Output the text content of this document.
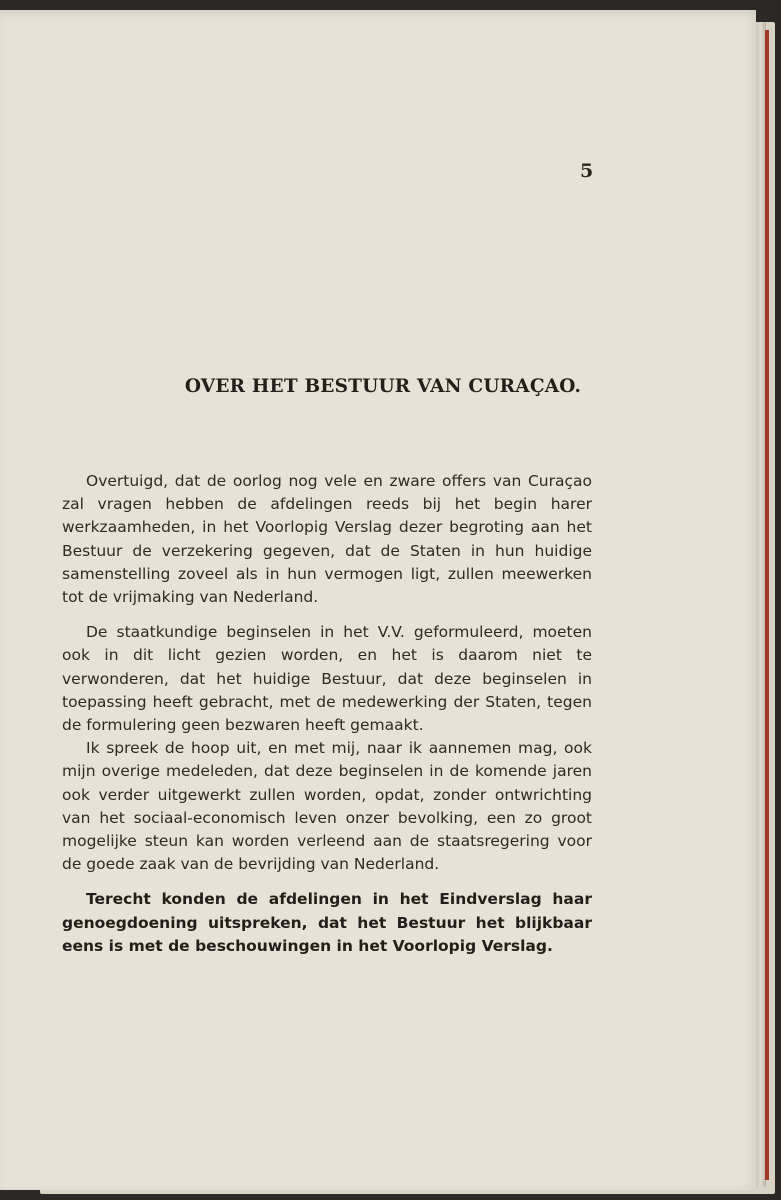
5
OVER HET BESTUUR VAN CURAÇAO.

Overtuigd, dat de oorlog nog vele en zware offers van Curaçao zal vragen hebben de afdelingen reeds bij het begin harer werkzaamheden, in het Voorlopig Verslag dezer begroting aan het Bestuur de verzekering gegeven, dat de Staten in hun huidige samenstelling zoveel als in hun vermogen ligt, zullen meewerken tot de vrijmaking van Nederland.

De staatkundige beginselen in het V.V. geformuleerd, moeten ook in dit licht gezien worden, en het is daarom niet te verwonderen, dat het huidige Bestuur, dat deze beginselen in toepassing heeft gebracht, met de medewerking der Staten, tegen de formulering geen bezwaren heeft gemaakt.

Ik spreek de hoop uit, en met mij, naar ik aannemen mag, ook mijn overige medeleden, dat deze beginselen in de komende jaren ook verder uitgewerkt zullen worden, opdat, zonder ontwrichting van het sociaal-economisch leven onzer bevolking, een zo groot mogelijke steun kan worden verleend aan de staatsregering voor de goede zaak van de bevrijding van Nederland.

Terecht konden de afdelingen in het Eindverslag haar genoegdoening uitspreken, dat het Bestuur het blijkbaar eens is met de beschouwingen in het Voorlopig Verslag.
